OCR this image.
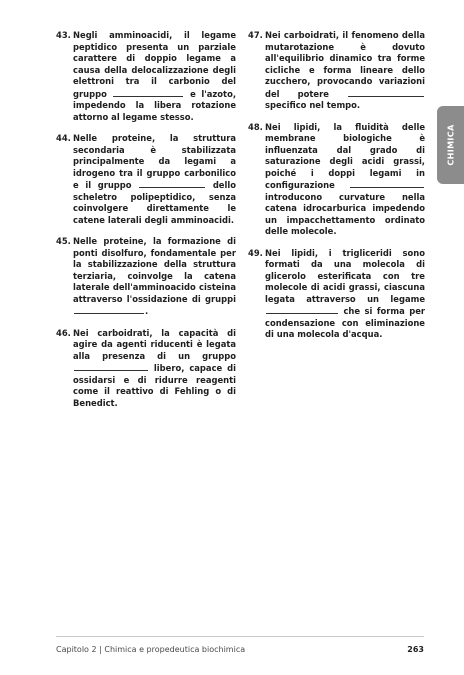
43. Negli amminoacidi, il legame peptidico presenta un parziale carattere di doppio legame a causa della delocalizzazione degli elettroni tra il carbonio del gruppo	e l'azoto, impedendo la libera rotazione attorno al legame stesso.
44. Nelle proteine, la struttura secondaria è stabilizzata principalmente da legami a idrogeno tra il gruppo carbonilico e il gruppo	dello scheletro polipeptidico, senza coinvolgere direttamente le catene laterali degli amminoacidi.
45. Nelle proteine, la formazione di ponti disolfuro, fondamentale per la stabilizzazione della struttura terziaria, coinvolge la catena laterale dell'amminoacido cisteina attraverso l'ossidazione di gruppi .
46. Nei carboidrati, la capacità di agire da agenti riducenti è legata alla presenza di un gruppo  libero, capace di ossidarsi e di ridurre reagenti come il reattivo di Fehling o di Benedict.
47. Nei carboidrati, il fenomeno della mutarotazione è dovuto all'equilibrio dinamico tra forme cicliche e forma lineare dello zucchero, provocando variazioni del potere  specifico nel tempo.
48. Nei lipidi, la fluidità delle membrane biologiche è influenzata dal grado di saturazione degli acidi grassi, poiché i doppi legami in configurazione  introducono curvature nella catena idrocarburica impedendo un impacchettamento ordinato delle molecole.
49. Nei lipidi, i trigliceridi sono formati da una molecola di glicerolo esterificata con tre molecole di acidi grassi, ciascuna legata attraverso un legame  che si forma per condensazione con eliminazione di una molecola d'acqua.
CHIMICA
Capitolo 2 | Chimica e propedeutica biochimica	263
